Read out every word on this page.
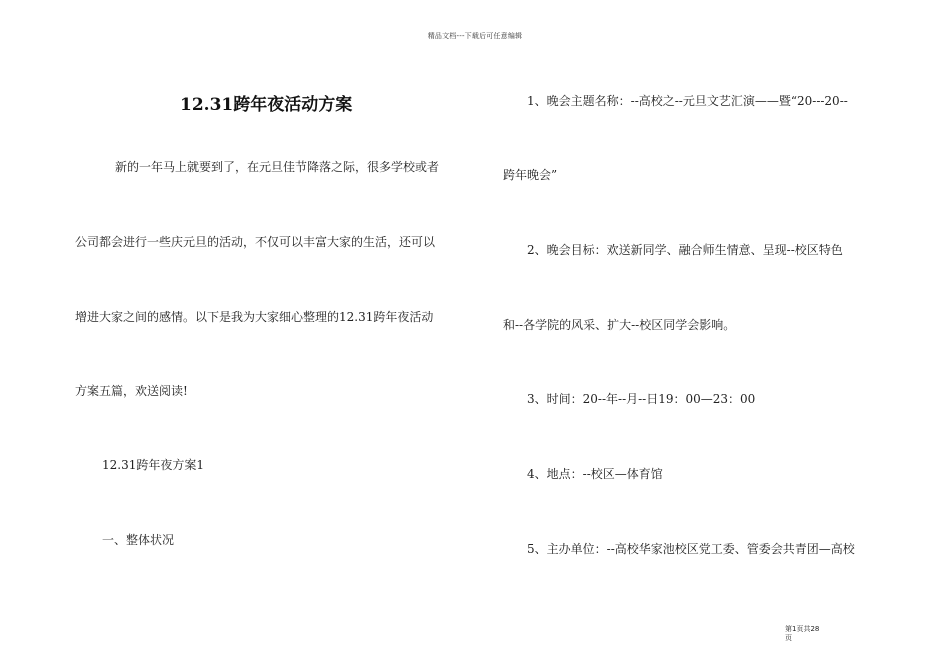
精品文档---下载后可任意编辑
12.31跨年夜活动方案
新的一年马上就要到了，在元旦佳节降落之际，很多学校或者
公司都会进行一些庆元旦的活动，不仅可以丰富大家的生活，还可以
增进大家之间的感情。以下是我为大家细心整理的12.31跨年夜活动
方案五篇，欢送阅读!
12.31跨年夜方案1
一、整体状况
1、晚会主题名称：--高校之--元旦文艺汇演——暨“20---20--
跨年晚会”
2、晚会目标：欢送新同学、融合师生情意、呈现--校区特色
和--各学院的风采、扩大--校区同学会影响。
3、时间：20--年--月--日19：00—23：00
4、地点：--校区—体育馆
5、主办单位：--高校华家池校区党工委、管委会共青团—高校
第1页共28页
